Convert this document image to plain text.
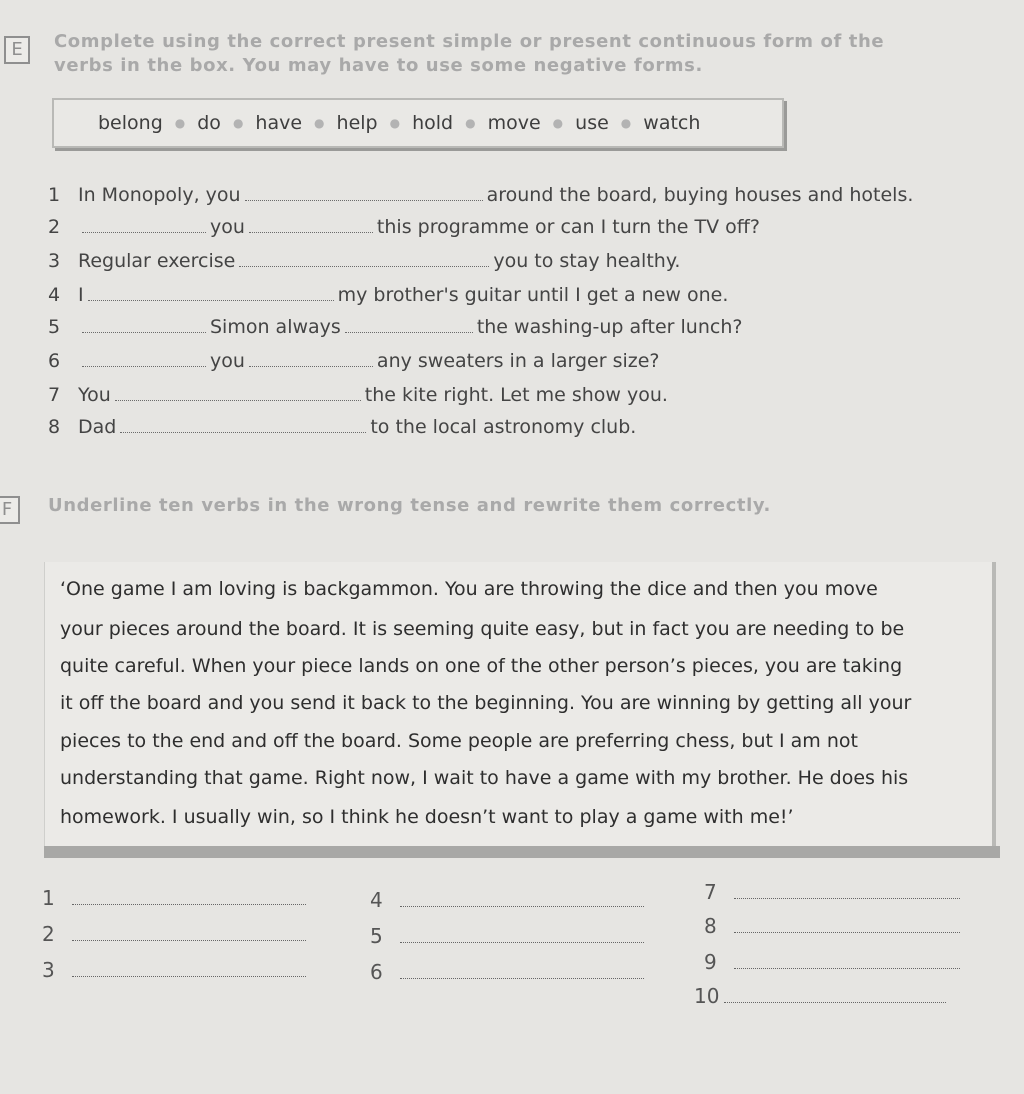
E	Complete using the correct present simple or present continuous form of the
verbs in the box. You may have to use some negative forms.
belong ● do ● have ● help ● hold ● move ● use ● watch
1 In Monopoly, you	around the board, buying houses and hotels.
2	you	this programme or can I turn the TV off?
3 Regular exercise	you to stay healthy.
4 I	my brother's guitar until I get a new one.
5	Simon always	the washing-up after lunch?
6	you	any sweaters in a larger size?
7 You	the kite right. Let me show you.
8 Dad	to the local astronomy club.
F	Underline ten verbs in the wrong tense and rewrite them correctly.
‘One game I am loving is backgammon. You are throwing the dice and then you move
your pieces around the board. It is seeming quite easy, but in fact you are needing to be
quite careful. When your piece lands on one of the other person’s pieces, you are taking
it off the board and you send it back to the beginning. You are winning by getting all your
pieces to the end and off the board. Some people are preferring chess, but I am not
understanding that game. Right now, I wait to have a game with my brother. He does his
homework. I usually win, so I think he doesn’t want to play a game with me!’
1
2
3
4
5
6
7
8
9
10
